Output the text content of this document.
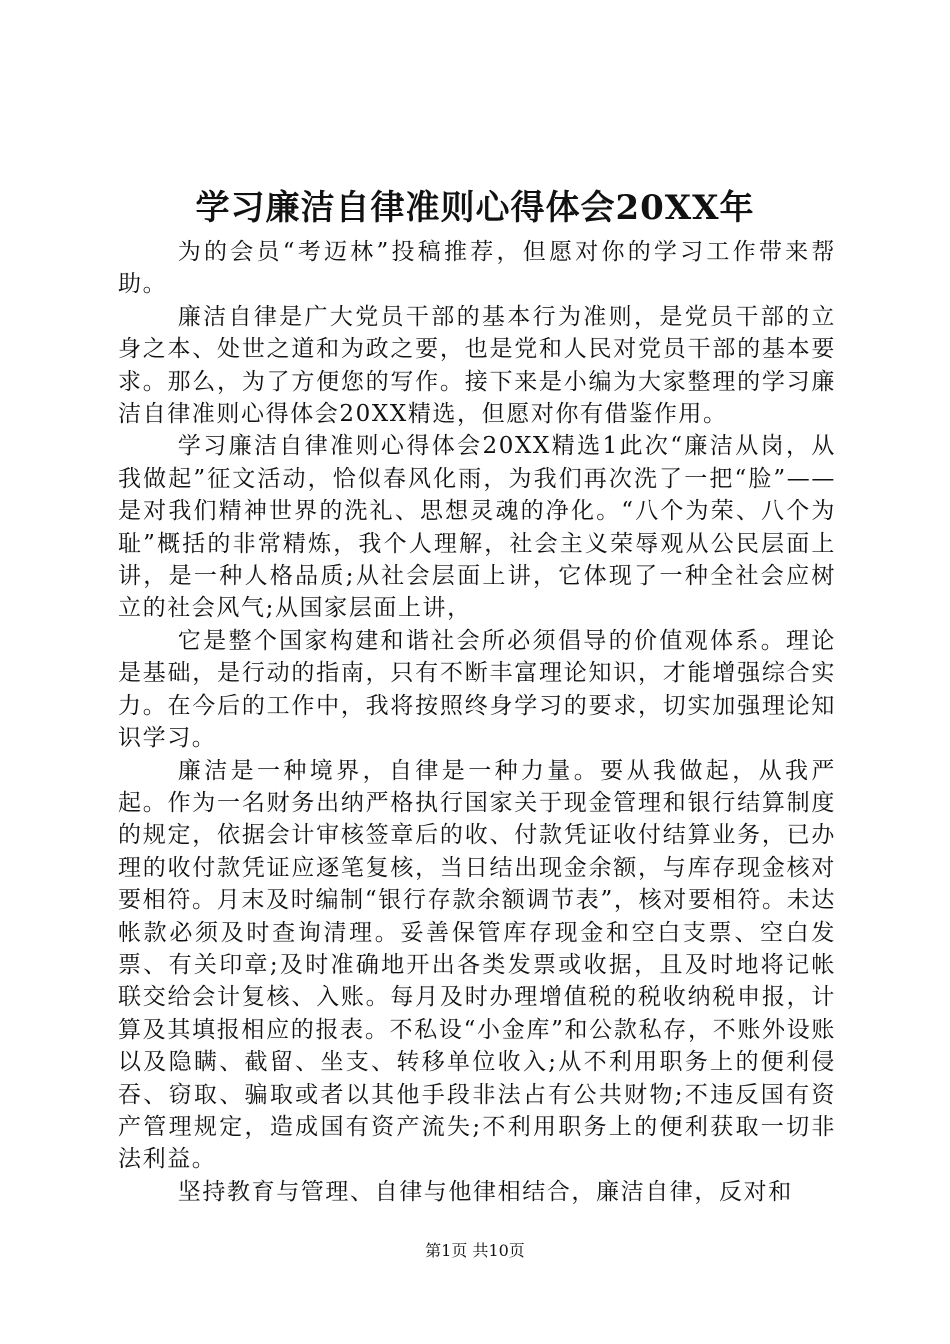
学习廉洁自律准则心得体会20XX年

为的会员“考迈林”投稿推荐，但愿对你的学习工作带来帮助。

廉洁自律是广大党员干部的基本行为准则，是党员干部的立身之本、处世之道和为政之要，也是党和人民对党员干部的基本要求。那么，为了方便您的写作。接下来是小编为大家整理的学习廉洁自律准则心得体会20XX精选，但愿对你有借鉴作用。

学习廉洁自律准则心得体会20XX精选1此次“廉洁从岗，从我做起”征文活动，恰似春风化雨，为我们再次洗了一把“脸”——是对我们精神世界的洗礼、思想灵魂的净化。“八个为荣、八个为耻”概括的非常精炼，我个人理解，社会主义荣辱观从公民层面上讲，是一种人格品质;从社会层面上讲，它体现了一种全社会应树立的社会风气;从国家层面上讲，

它是整个国家构建和谐社会所必须倡导的价值观体系。理论是基础，是行动的指南，只有不断丰富理论知识，才能增强综合实力。在今后的工作中，我将按照终身学习的要求，切实加强理论知识学习。

廉洁是一种境界，自律是一种力量。要从我做起，从我严起。作为一名财务出纳严格执行国家关于现金管理和银行结算制度的规定，依据会计审核签章后的收、付款凭证收付结算业务，已办理的收付款凭证应逐笔复核，当日结出现金余额，与库存现金核对要相符。月末及时编制“银行存款余额调节表”，核对要相符。未达帐款必须及时查询清理。妥善保管库存现金和空白支票、空白发票、有关印章;及时准确地开出各类发票或收据，且及时地将记帐联交给会计复核、入账。每月及时办理增值税的税收纳税申报，计算及其填报相应的报表。不私设“小金库”和公款私存，不账外设账以及隐瞒、截留、坐支、转移单位收入;从不利用职务上的便利侵吞、窃取、骗取或者以其他手段非法占有公共财物;不违反国有资产管理规定，造成国有资产流失;不利用职务上的便利获取一切非法利益。

坚持教育与管理、自律与他律相结合，廉洁自律，反对和

第1页 共10页
